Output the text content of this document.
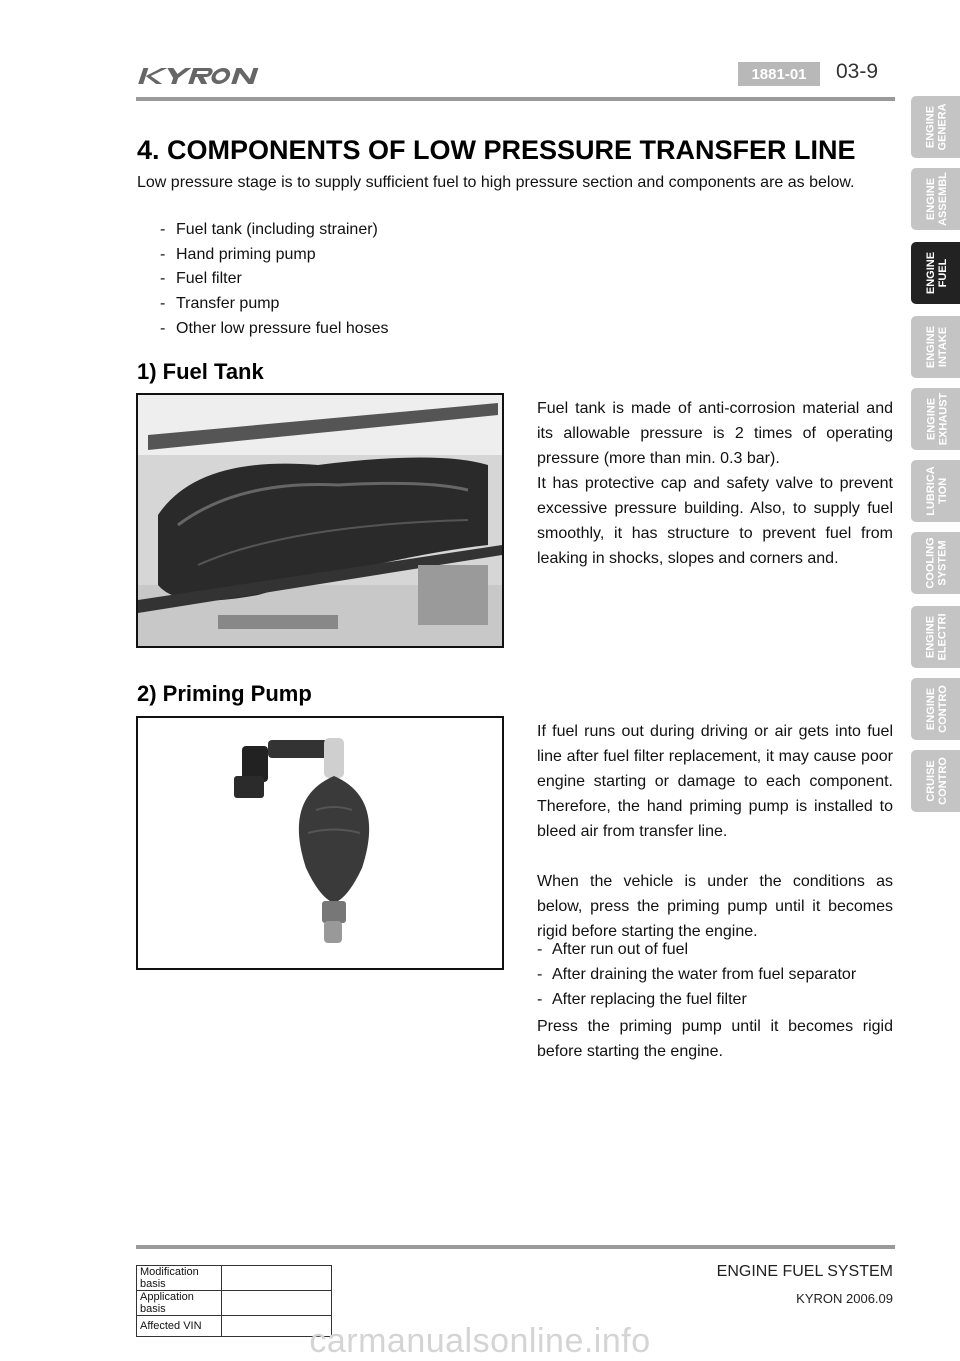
1881-01	03-9
ENGINE
GENERA
ENGINE
ASSEMBL
ENGINE
FUEL
ENGINE
INTAKE
ENGINE
EXHAUST
LUBRICA
TION
COOLING
SYSTEM
ENGINE
ELECTRI
ENGINE
CONTRO
CRUISE
CONTRO
4. COMPONENTS OF LOW PRESSURE TRANSFER LINE

Low pressure stage is to supply sufficient fuel to high pressure section and components are as below.

- Fuel tank (including strainer)
- Hand priming pump
- Fuel filter
- Transfer pump
- Other low pressure fuel hoses
1) Fuel Tank

Fuel tank is made of anti-corrosion material and its allowable pressure is 2 times of operating pressure (more than min. 0.3 bar).

It has protective cap and safety valve to prevent excessive pressure building. Also, to supply fuel smoothly, it has structure to prevent fuel from leaking in shocks, slopes and corners and.

2) Priming Pump

If fuel runs out during driving or air gets into fuel line after fuel filter replacement, it may cause poor engine starting or damage to each component. Therefore, the hand priming pump is installed to bleed air from transfer line.

When the vehicle is under the conditions as below, press the priming pump until it becomes rigid before starting the engine.

- After run out of fuel
- After draining the water from fuel separator
- After replacing the fuel filter

Press the priming pump until it becomes rigid before starting the engine.

Modification basis	
Application basis	
Affected VIN	
ENGINE FUEL SYSTEM
KYRON 2006.09
carmanualsonline.info
